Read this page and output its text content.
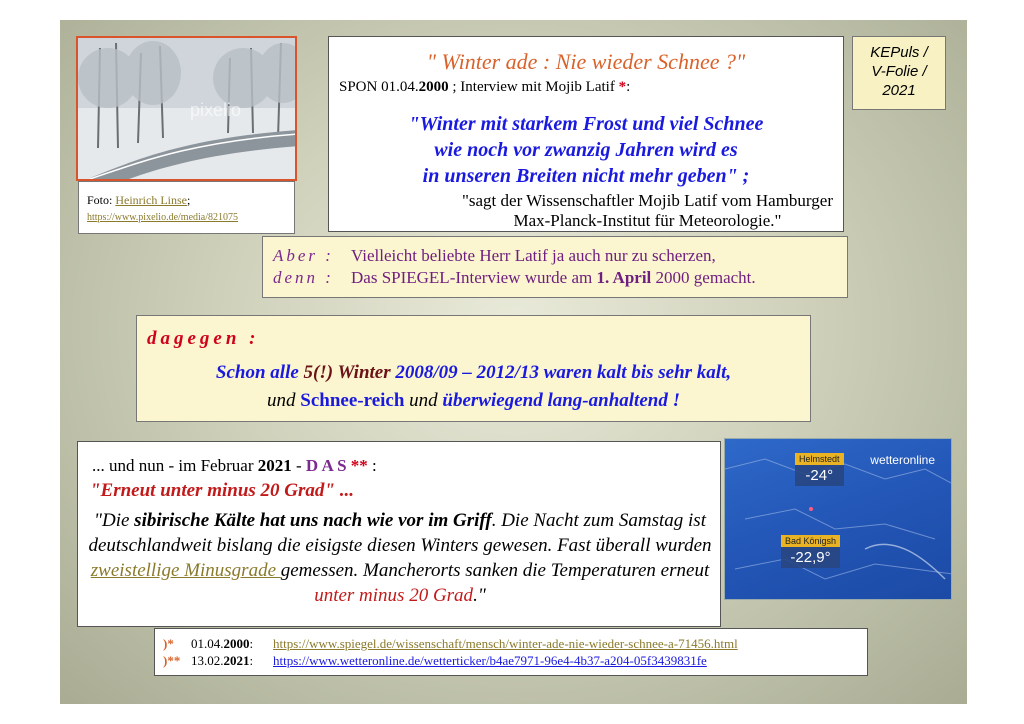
pixelio
Foto: Heinrich Linse;
https://www.pixelio.de/media/821075
" Winter ade : Nie wieder Schnee ?"
SPON 01.04.2000 ; Interview mit Mojib Latif *:
"Winter mit starkem Frost und viel Schnee
wie noch vor zwanzig Jahren wird es
in unseren Breiten nicht mehr geben" ;
"sagt der Wissenschaftler Mojib Latif vom Hamburger
Max-Planck-Institut für Meteorologie."
KEPuls /
V-Folie /
2021
Aber : Vielleicht beliebte Herr Latif ja auch nur zu scherzen,
denn : Das SPIEGEL-Interview wurde am 1. April 2000 gemacht.
dagegen :
Schon alle 5(!) Winter 2008/09 – 2012/13 waren kalt bis sehr kalt,
und Schnee-reich und überwiegend lang-anhaltend !
wetteronline
Helmstedt
-24°
Bad Königsh
-22,9°
... und nun - im Februar 2021 - D A S ** :
"Erneut unter minus 20 Grad" ...
"Die sibirische Kälte hat uns nach wie vor im Griff. Die Nacht zum Samstag ist deutschlandweit bislang die eisigste diesen Winters gewesen. Fast überall wurden zweistellige Minusgrade gemessen. Mancherorts sanken die Temperaturen erneut unter minus 20 Grad."
)* 01.04.2000: https://www.spiegel.de/wissenschaft/mensch/winter-ade-nie-wieder-schnee-a-71456.html
)** 13.02.2021: https://www.wetteronline.de/wetterticker/b4ae7971-96e4-4b37-a204-05f3439831fe
